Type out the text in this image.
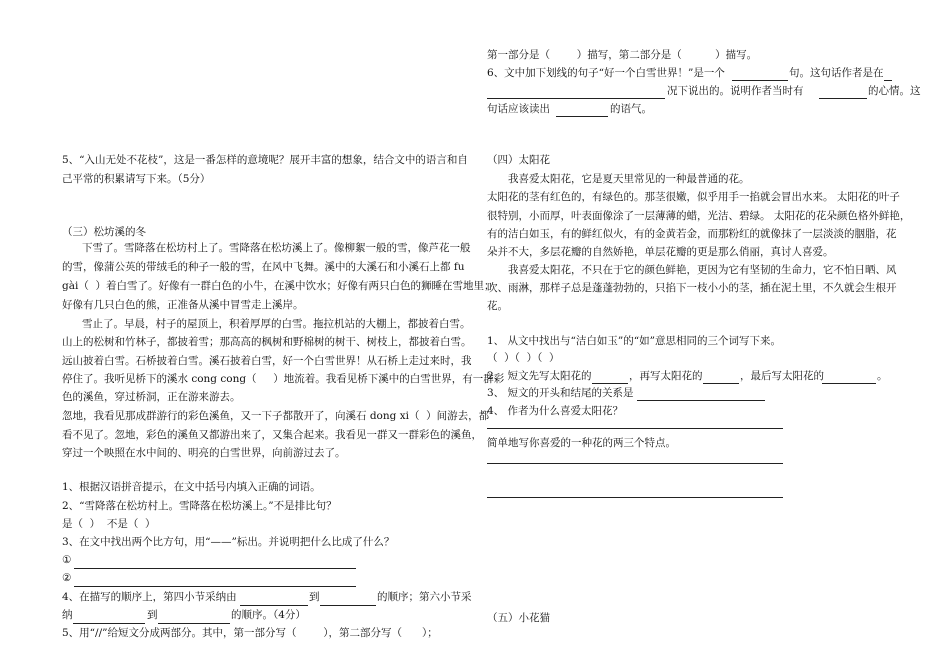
5、“入山无处不花枝”，这是一番怎样的意境呢？展开丰富的想象，结合文中的语言和自
己平常的积累请写下来。（5分）
（三）松坊溪的冬
下雪了。雪降落在松坊村上了。雪降落在松坊溪上了。像柳絮一般的雪，像芦花一般
的雪，像蒲公英的带绒毛的种子一般的雪，在风中飞舞。溪中的大溪石和小溪石上都 fu
gài（  ）着白雪了。好像有一群白色的小牛，在溪中饮水；好像有两只白色的狮睡在雪地里；
好像有几只白色的熊，正准备从溪中冒雪走上溪岸。
雪止了。早晨，村子的屋顶上，积着厚厚的白雪。拖拉机站的大棚上，都披着白雪。
山上的松树和竹林子，都披着雪；那高高的枫树和野棉树的树干、树枝上，都披着白雪。
远山披着白雪。石桥披着白雪。溪石披着白雪，好一个白雪世界！从石桥上走过来时，我
停住了。我听见桥下的溪水 cong cong（     ）地流着。我看见桥下溪中的白雪世界，有一群彩
色的溪鱼，穿过桥洞，正在游来游去。
忽地，我看见那成群游行的彩色溪鱼，又一下子都散开了，向溪石 dong xi（  ）间游去，都
看不见了。忽地，彩色的溪鱼又都游出来了，又集合起来。我看见一群又一群彩色的溪鱼，
穿过一个映照在水中间的、明亮的白雪世界，向前游过去了。
1、根据汉语拼音提示，在文中括号内填入正确的词语。
2、“雪降落在松坊村上。雪降落在松坊溪上。”不是排比句？
是（  ）  不是（  ）
3、在文中找出两个比方句，用“——”标出。并说明把什么比成了什么？
①
②
4、在描写的顺序上，第四小节采纳由	到	的顺序；第六小节采
纳	到	的顺序。（4分）
5、用“//”给短文分成两部分。其中，第一部分写（        ），第二部分写（      ）；
第一部分是（        ）描写，第二部分是（          ）描写。
6、文中加下划线的句子“好一个白雪世界！”是一个	句。这句话作者是在
况下说出的。说明作者当时有	的心情。这
句话应该读出	的语气。
（四）太阳花
我喜爱太阳花，它是夏天里常见的一种最普通的花。
太阳花的茎有红色的，有绿色的。那茎很嫩，似乎用手一掐就会冒出水来。 太阳花的叶子
很特别，小而厚，叶表面像涂了一层薄薄的蜡，光洁、碧绿。 太阳花的花朵颜色格外鲜艳，
有的洁白如玉，有的鲜红似火，有的金黄若金，而那粉红的就像抹了一层淡淡的胭脂，花
朵并不大，多层花瓣的自然娇艳，单层花瓣的更是那么俏丽，真讨人喜爱。
我喜爱太阳花，不只在于它的颜色鲜艳，更因为它有坚韧的生命力，它不怕日晒、风
吹、雨淋，那样子总是蓬蓬勃勃的，只掐下一枝小小的茎，插在泥土里，不久就会生根开
花。
1、 从文中找出与“洁白如玉”的“如”意思相同的三个词写下来。
（  ）（  ）（  ）
2、 短文先写太阳花的	，再写太阳花的	，最后写太阳花的	。
3、 短文的开头和结尾的关系是
4、 作者为什么喜爱太阳花？
简单地写你喜爱的一种花的两三个特点。
（五）小花猫
